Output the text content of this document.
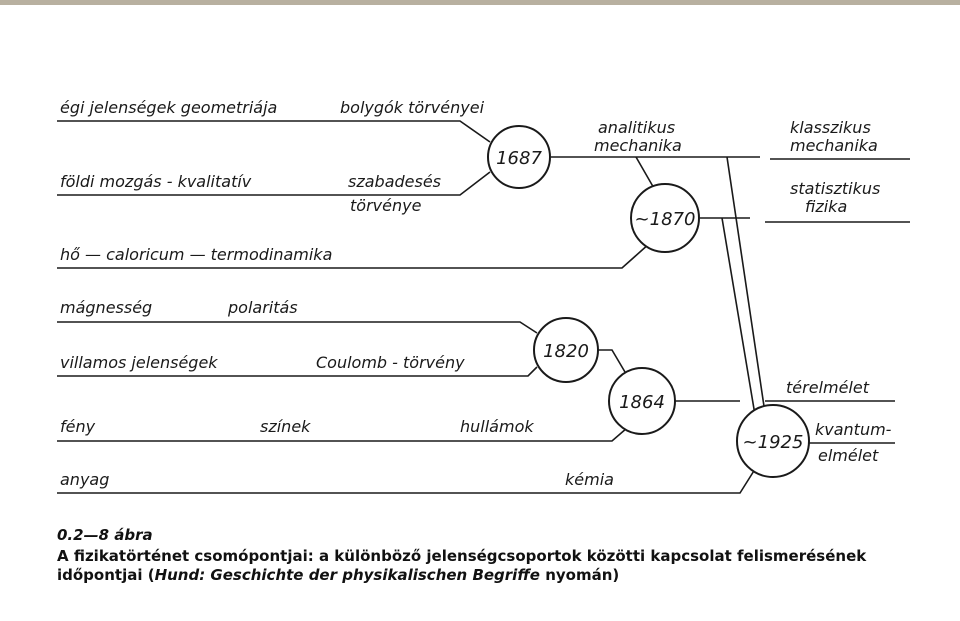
1687
~1870
1820
1864
~1925
égi jelenségek geometriája	bolygók törvényei
földi mozgás - kvalitatív	szabadesés
törvénye
hő — caloricum — termodinamika
mágnesség	polaritás
villamos jelenségek	Coulomb - törvény
fény	színek	hullámok
anyag	kémia
analitikus
mechanika
klasszikus
mechanika
statisztikus
fizika
térelmélet
kvantum-
elmélet
0.2—8 ábra
A fizikatörténet csomópontjai: a különböző jelenségcsoportok közötti kapcsolat felismerésének időpontjai (Hund: Geschichte der physikalischen Begriffe nyomán)
